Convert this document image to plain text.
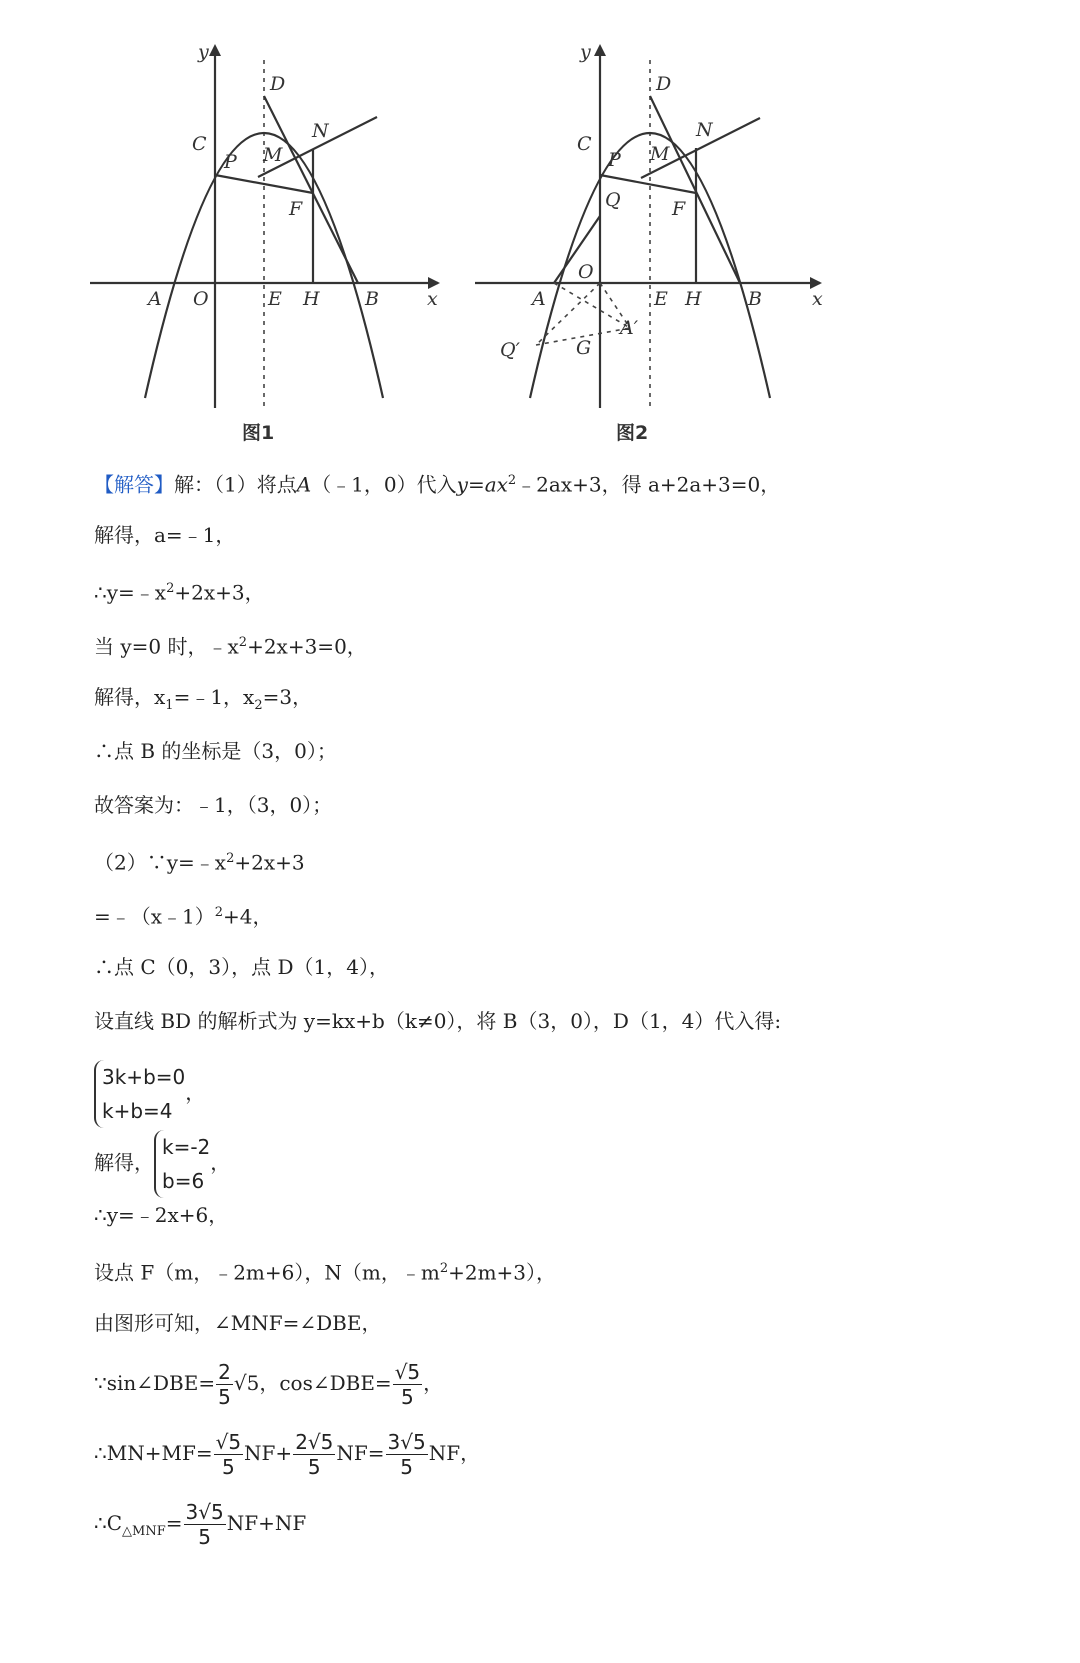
y
D
C
N
M
P
F
A O	E H B	x
图1
y
D
C
N
M
P
F
Q
O
A	E H B	x
A′
Q′	G
图2
【解答】解：（1）将点A（﹣1，0）代入$y=ax^2﹣2ax+3$，得 a+2a+3=0，
解得，a=﹣1，
$\therefore y=﹣x^2+2x+3$，
当 y=0 时，$﹣x^2+2x+3=0$，
解得，$x_1=﹣1$，$x_2=3$，
∴点 B 的坐标是（3，0）；
故答案为：﹣1，（3，0）；
$(2)\because y=﹣x^2+2x+3$
=﹣（x﹣1）$^2$+4，
∴点 C（0，3），点 D（1，4），
设直线 BD 的解析式为 y=kx+b（k≠0），将 B（3，0），D（1，4）代入得:
3k+b=0
k+b=4，
解得，k=-2
b=6，
∴y=﹣2x+6，
设点 F（m，﹣2m+6），N（m，$﹣m^2+2m+3$），
由图形可知，∠MNF=∠DBE，
∵sin∠DBE= $\frac{2}{5} √5$，cos∠DBE= $\frac{√5}{5}$ ，
∴MN+MF= $\frac{√5}{5} NF+ \frac{2√5}{5} NF= \frac{3√5}{5}$ NF，
$\therefore C_{\triangle MNF}= \frac{3√5}{5} NF+NF$
